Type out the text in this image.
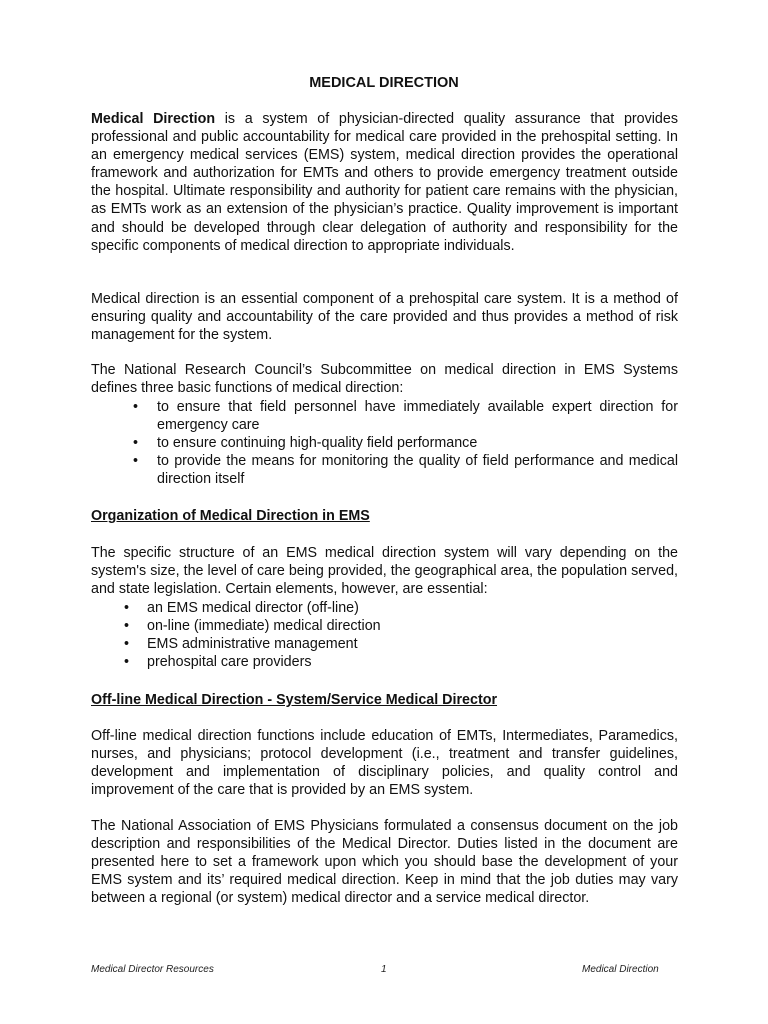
MEDICAL DIRECTION

Medical Direction is a system of physician-directed quality assurance that provides professional and public accountability for medical care provided in the prehospital setting. In an emergency medical services (EMS) system, medical direction provides the operational framework and authorization for EMTs and others to provide emergency treatment outside the hospital. Ultimate responsibility and authority for patient care remains with the physician, as EMTs work as an extension of the physician’s practice. Quality improvement is important and should be developed through clear delegation of authority and responsibility for the specific components of medical direction to appropriate individuals.

Medical direction is an essential component of a prehospital care system. It is a method of ensuring quality and accountability of the care provided and thus provides a method of risk management for the system.

The National Research Council’s Subcommittee on medical direction in EMS Systems defines three basic functions of medical direction:

• to ensure that field personnel have immediately available expert direction for emergency care
• to ensure continuing high-quality field performance
• to provide the means for monitoring the quality of field performance and medical direction itself
Organization of Medical Direction in EMS

The specific structure of an EMS medical direction system will vary depending on the system's size, the level of care being provided, the geographical area, the population served, and state legislation. Certain elements, however, are essential:

• an EMS medical director (off-line)
• on-line (immediate) medical direction
• EMS administrative management
• prehospital care providers
Off-line Medical Direction - System/Service Medical Director

Off-line medical direction functions include education of EMTs, Intermediates, Paramedics, nurses, and physicians; protocol development (i.e., treatment and transfer guidelines, development and implementation of disciplinary policies, and quality control and improvement of the care that is provided by an EMS system.

The National Association of EMS Physicians formulated a consensus document on the job description and responsibilities of the Medical Director. Duties listed in the document are presented here to set a framework upon which you should base the development of your EMS system and its’ required medical direction. Keep in mind that the job duties may vary between a regional (or system) medical director and a service medical director.

Medical Director Resources	1	Medical Direction
